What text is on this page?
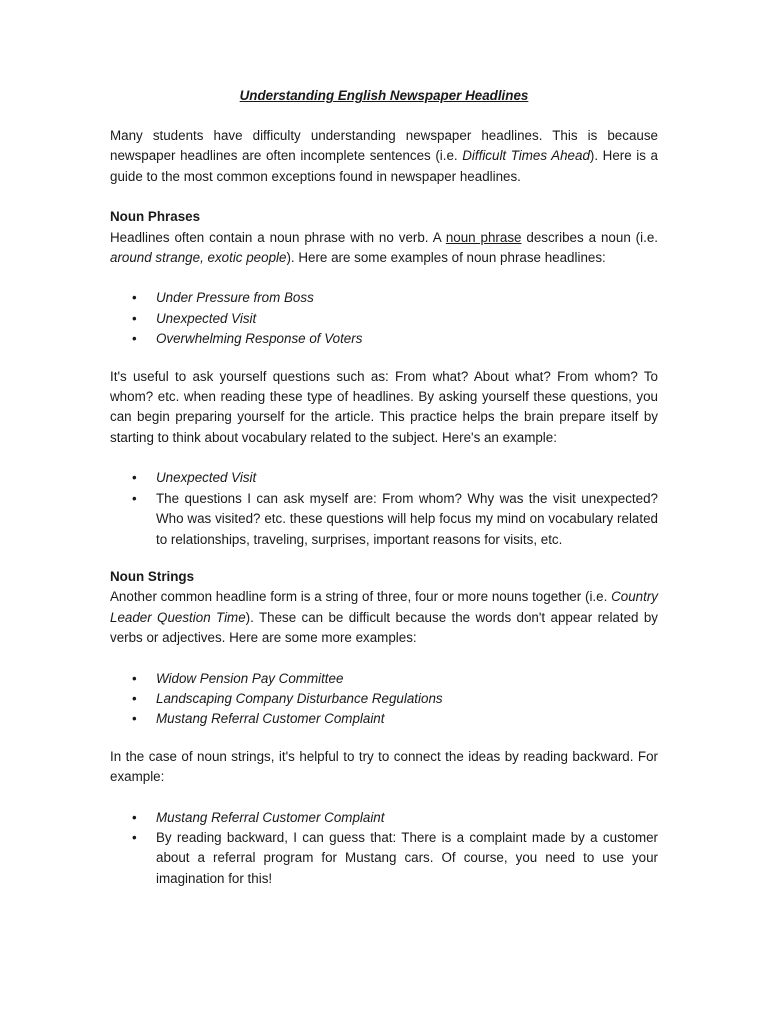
Understanding English Newspaper Headlines

Many students have difficulty understanding newspaper headlines. This is because newspaper headlines are often incomplete sentences (i.e. Difficult Times Ahead). Here is a guide to the most common exceptions found in newspaper headlines.

Noun Phrases

Headlines often contain a noun phrase with no verb. A noun phrase describes a noun (i.e. around strange, exotic people). Here are some examples of noun phrase headlines:

• Under Pressure from Boss
• Unexpected Visit
• Overwhelming Response of Voters

It's useful to ask yourself questions such as: From what? About what? From whom? To whom? etc. when reading these type of headlines. By asking yourself these questions, you can begin preparing yourself for the article. This practice helps the brain prepare itself by starting to think about vocabulary related to the subject. Here's an example:

• Unexpected Visit
• The questions I can ask myself are: From whom? Why was the visit unexpected? Who was visited? etc. these questions will help focus my mind on vocabulary related to relationships, traveling, surprises, important reasons for visits, etc.
Noun Strings

Another common headline form is a string of three, four or more nouns together (i.e. Country Leader Question Time). These can be difficult because the words don't appear related by verbs or adjectives. Here are some more examples:

• Widow Pension Pay Committee
• Landscaping Company Disturbance Regulations
• Mustang Referral Customer Complaint

In the case of noun strings, it's helpful to try to connect the ideas by reading backward. For example:

• Mustang Referral Customer Complaint
• By reading backward, I can guess that: There is a complaint made by a customer about a referral program for Mustang cars. Of course, you need to use your imagination for this!
